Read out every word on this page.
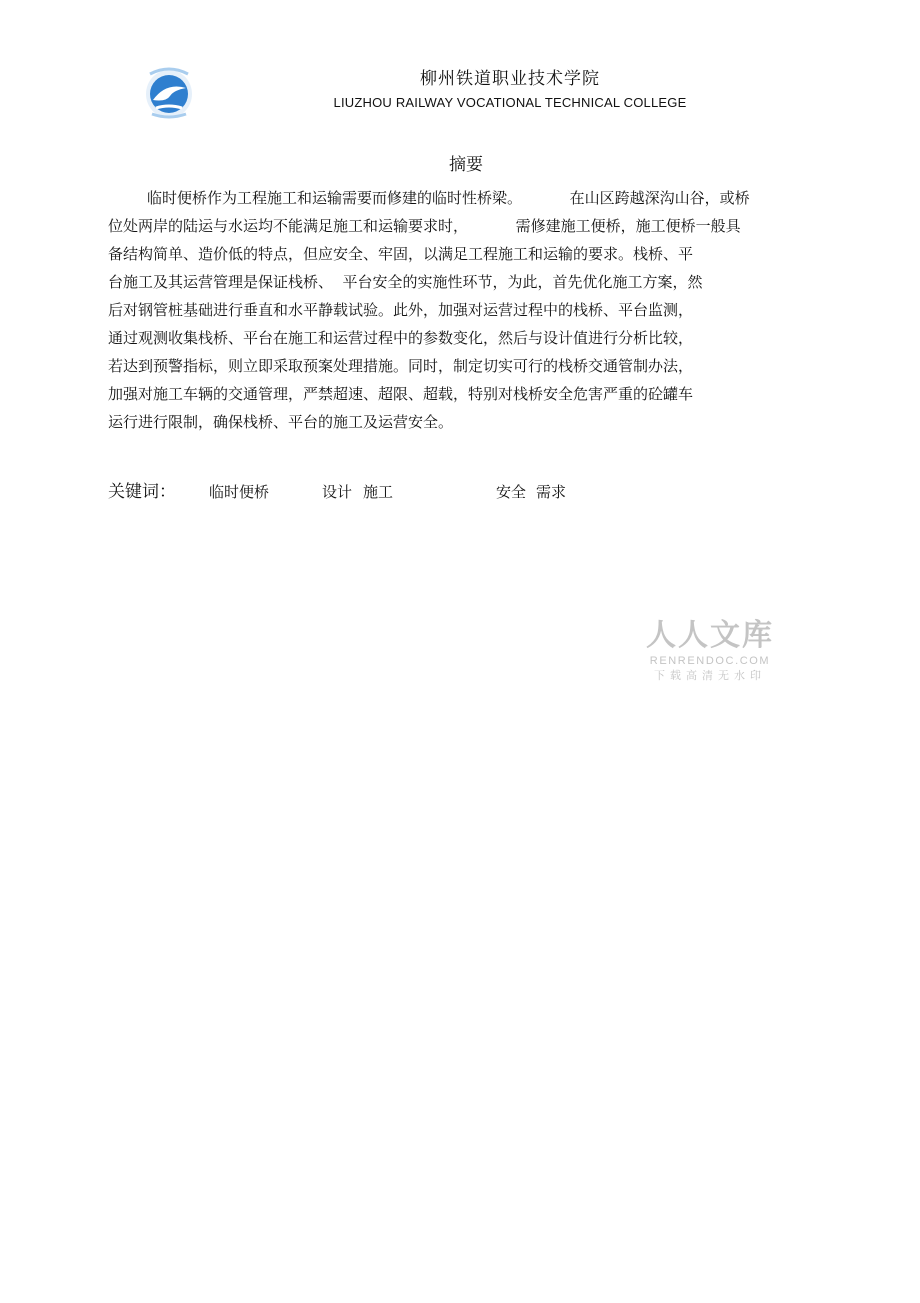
柳州铁道职业技术学院
LIUZHOU RAILWAY VOCATIONAL TECHNICAL COLLEGE
摘要
临时便桥作为工程施工和运输需要而修建的临时性桥梁。          在山区跨越深沟山谷，或桥
位处两岸的陆运与水运均不能满足施工和运输要求时，          需修建施工便桥，施工便桥一般具
备结构简单、造价低的特点，但应安全、牢固，以满足工程施工和运输的要求。栈桥、平
台施工及其运营管理是保证栈桥、  平台安全的实施性环节，为此，首先优化施工方案，然
后对钢管桩基础进行垂直和水平静载试验。此外，加强对运营过程中的栈桥、平台监测，
通过观测收集栈桥、平台在施工和运营过程中的参数变化，然后与设计值进行分析比较，
若达到预警指标，则立即采取预案处理措施。同时，制定切实可行的栈桥交通管制办法，
加强对施工车辆的交通管理，严禁超速、超限、超载，特别对栈桥安全危害严重的砼罐车
运行进行限制，确保栈桥、平台的施工及运营安全。
关键词： 临时便桥	设计 施工	安全 需求
人人文库
RENRENDOC.COM
下载高清无水印
